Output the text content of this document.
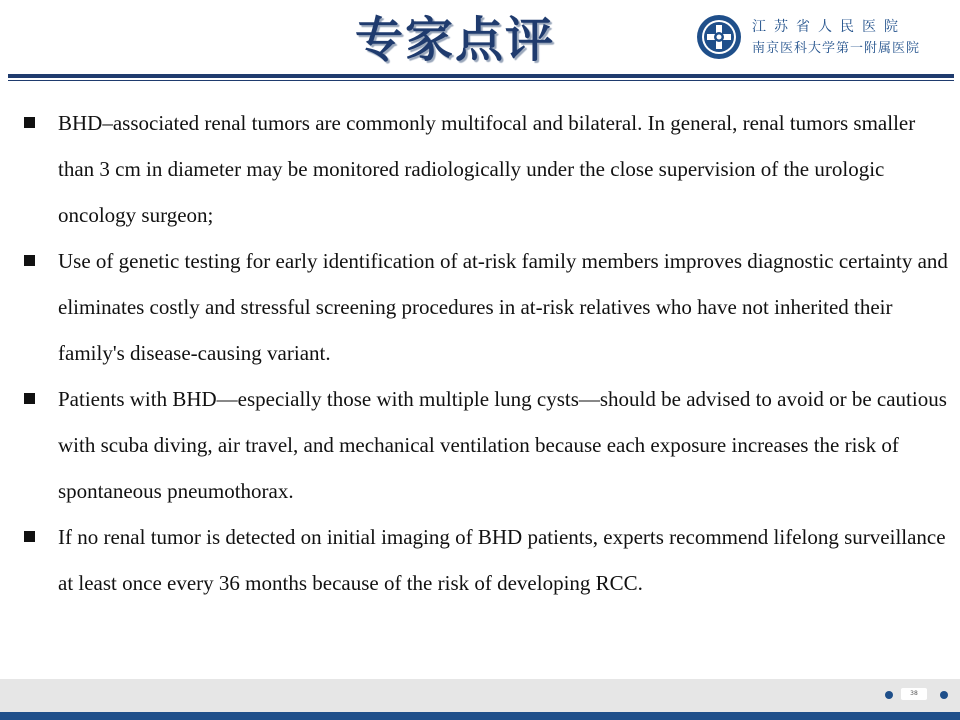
专家点评	江苏省人民医院
南京医科大学第一附属医院
BHD–associated renal tumors are commonly multifocal and bilateral. In general, renal tumors smaller than 3 cm in diameter may be monitored radiologically under the close supervision of the urologic oncology surgeon;
Use of genetic testing for early identification of at-risk family members improves diagnostic certainty and eliminates costly and stressful screening procedures in at-risk relatives who have not inherited their family's disease-causing variant.
Patients with BHD—especially those with multiple lung cysts—should be advised to avoid or be cautious with scuba diving, air travel, and mechanical ventilation because each exposure increases the risk of spontaneous pneumothorax.
If no renal tumor is detected on initial imaging of BHD patients, experts recommend lifelong surveillance at least once every 36 months because of the risk of developing RCC.
38
